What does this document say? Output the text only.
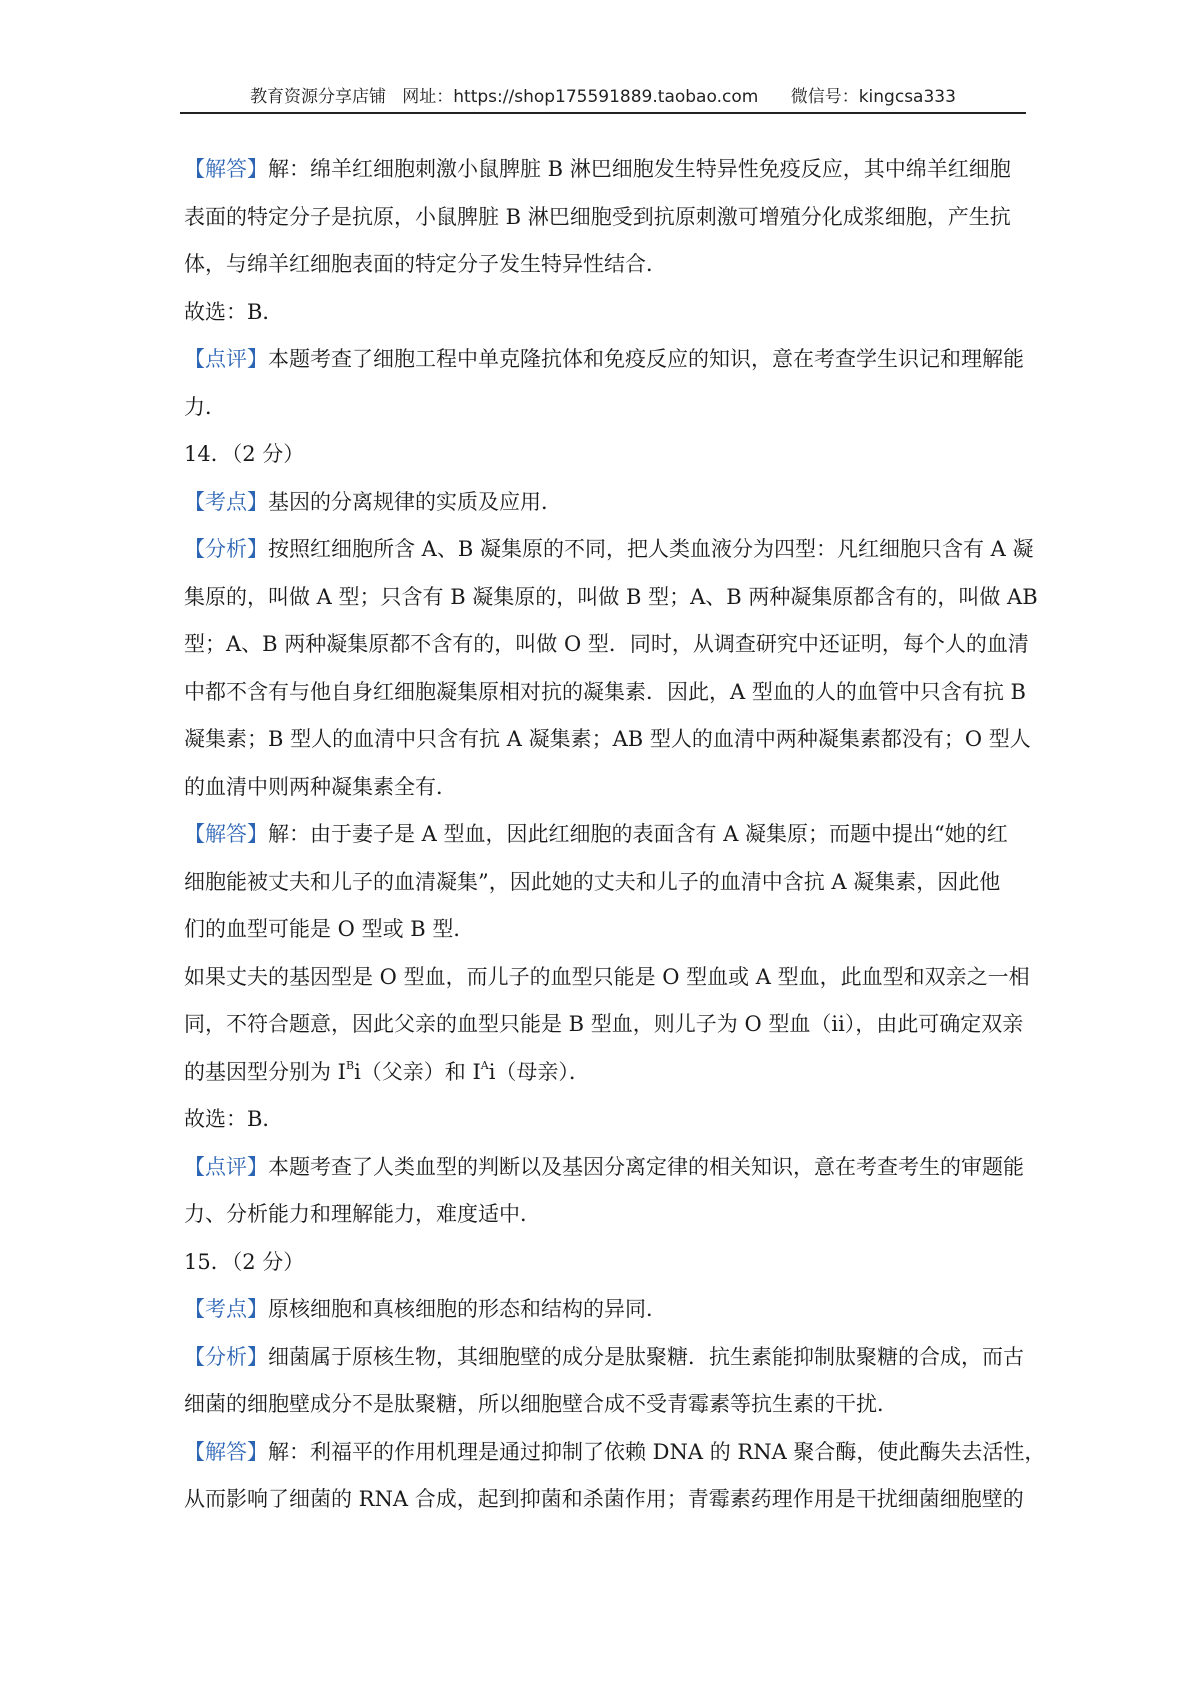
教育资源分享店铺   网址：https://shop175591889.taobao.com      微信号：kingcsa333
【解答】解：绵羊红细胞刺激小鼠脾脏 B 淋巴细胞发生特异性免疫反应，其中绵羊红细胞
表面的特定分子是抗原，小鼠脾脏 B 淋巴细胞受到抗原刺激可增殖分化成浆细胞，产生抗
体，与绵羊红细胞表面的特定分子发生特异性结合．
故选：B．
【点评】本题考查了细胞工程中单克隆抗体和免疫反应的知识，意在考查学生识记和理解能
力．
14．（2 分）
【考点】基因的分离规律的实质及应用．
【分析】按照红细胞所含 A、B 凝集原的不同，把人类血液分为四型：凡红细胞只含有 A 凝
集原的，叫做 A 型；只含有 B 凝集原的，叫做 B 型；A、B 两种凝集原都含有的，叫做 AB
型；A、B 两种凝集原都不含有的，叫做 O 型．同时，从调查研究中还证明，每个人的血清
中都不含有与他自身红细胞凝集原相对抗的凝集素．因此，A 型血的人的血管中只含有抗 B
凝集素；B 型人的血清中只含有抗 A 凝集素；AB 型人的血清中两种凝集素都没有；O 型人
的血清中则两种凝集素全有．
【解答】解：由于妻子是 A 型血，因此红细胞的表面含有 A 凝集原；而题中提出“她的红
细胞能被丈夫和儿子的血清凝集”，因此她的丈夫和儿子的血清中含抗 A 凝集素，因此他
们的血型可能是 O 型或 B 型．
如果丈夫的基因型是 O 型血，而儿子的血型只能是 O 型血或 A 型血，此血型和双亲之一相
同，不符合题意，因此父亲的血型只能是 B 型血，则儿子为 O 型血（ii），由此可确定双亲
的基因型分别为 $I^Bi$（父亲）和 $I^Ai$（母亲）．
故选：B．
【点评】本题考查了人类血型的判断以及基因分离定律的相关知识，意在考查考生的审题能
力、分析能力和理解能力，难度适中．
15．（2 分）
【考点】原核细胞和真核细胞的形态和结构的异同．
【分析】细菌属于原核生物，其细胞壁的成分是肽聚糖．抗生素能抑制肽聚糖的合成，而古
细菌的细胞壁成分不是肽聚糖，所以细胞壁合成不受青霉素等抗生素的干扰．
【解答】解：利福平的作用机理是通过抑制了依赖 DNA 的 RNA 聚合酶，使此酶失去活性，
从而影响了细菌的 RNA 合成，起到抑菌和杀菌作用；青霉素药理作用是干扰细菌细胞壁的
